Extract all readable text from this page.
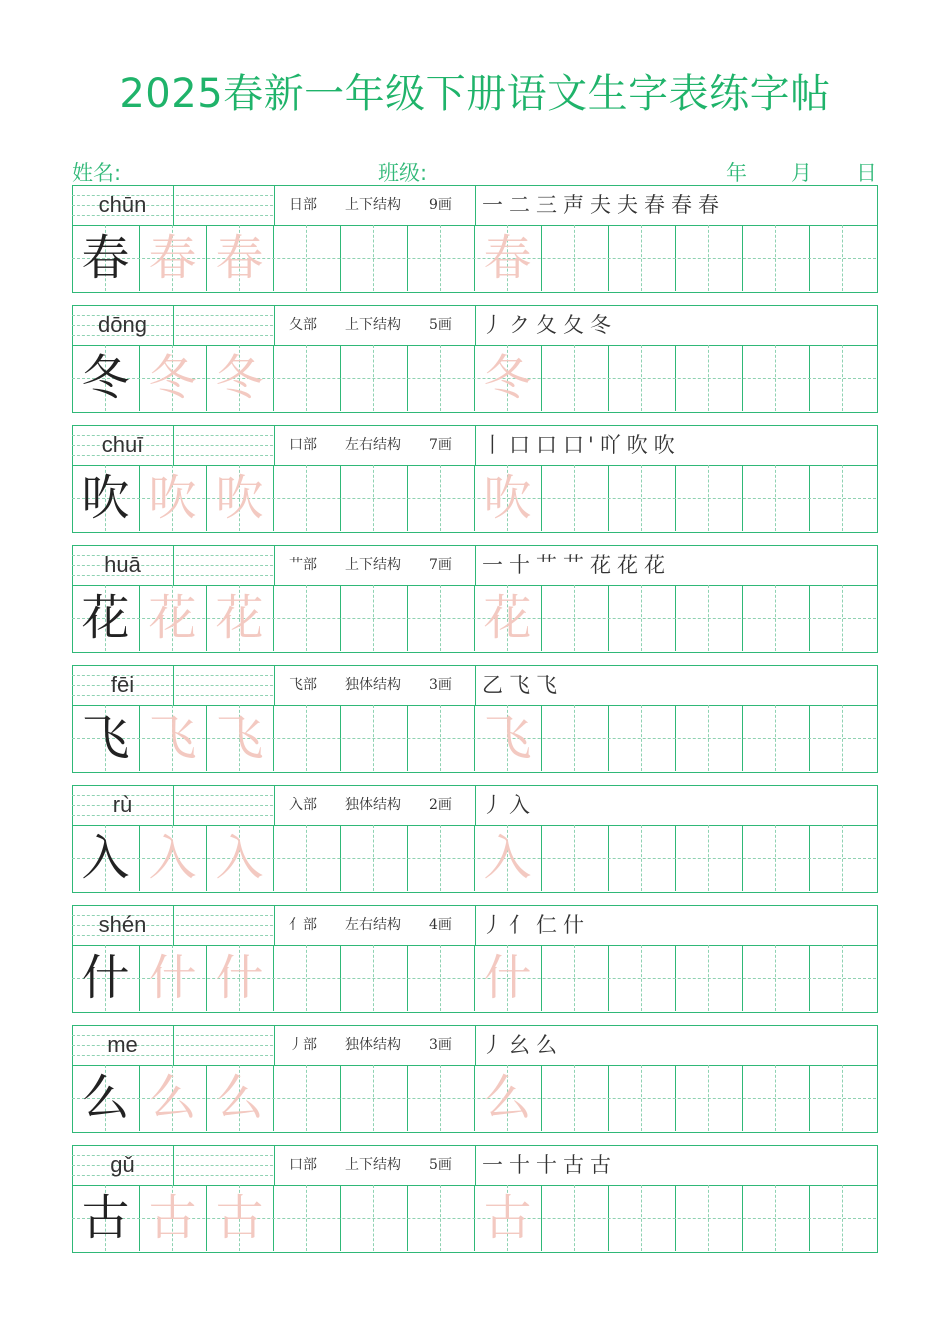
2025春新一年级下册语文生字表练字帖
姓名:	班级:	年 月 日
chūn	日部 上下结构 9画 一二三声夫夫春春春
春 春 春	春
dōng	夂部 上下结构 5画 丿ク夂夂冬
冬 冬 冬	冬
chuī	口部 左右结构 7画 丨口口口'吖吹吹
吹 吹 吹	吹
huā	艹部 上下结构 7画 一十艹艹花花花
花 花 花	花
fēi	飞部 独体结构 3画 乙飞飞
飞 飞 飞	飞
rù	入部 独体结构 2画 丿入
入 入 入	入
shén	亻部 左右结构 4画 丿亻仁什
什 什 什	什
me	丿部 独体结构 3画 丿幺么
么 么 么	么
gǔ	口部 上下结构 5画 一十十古古
古 古 古	古
